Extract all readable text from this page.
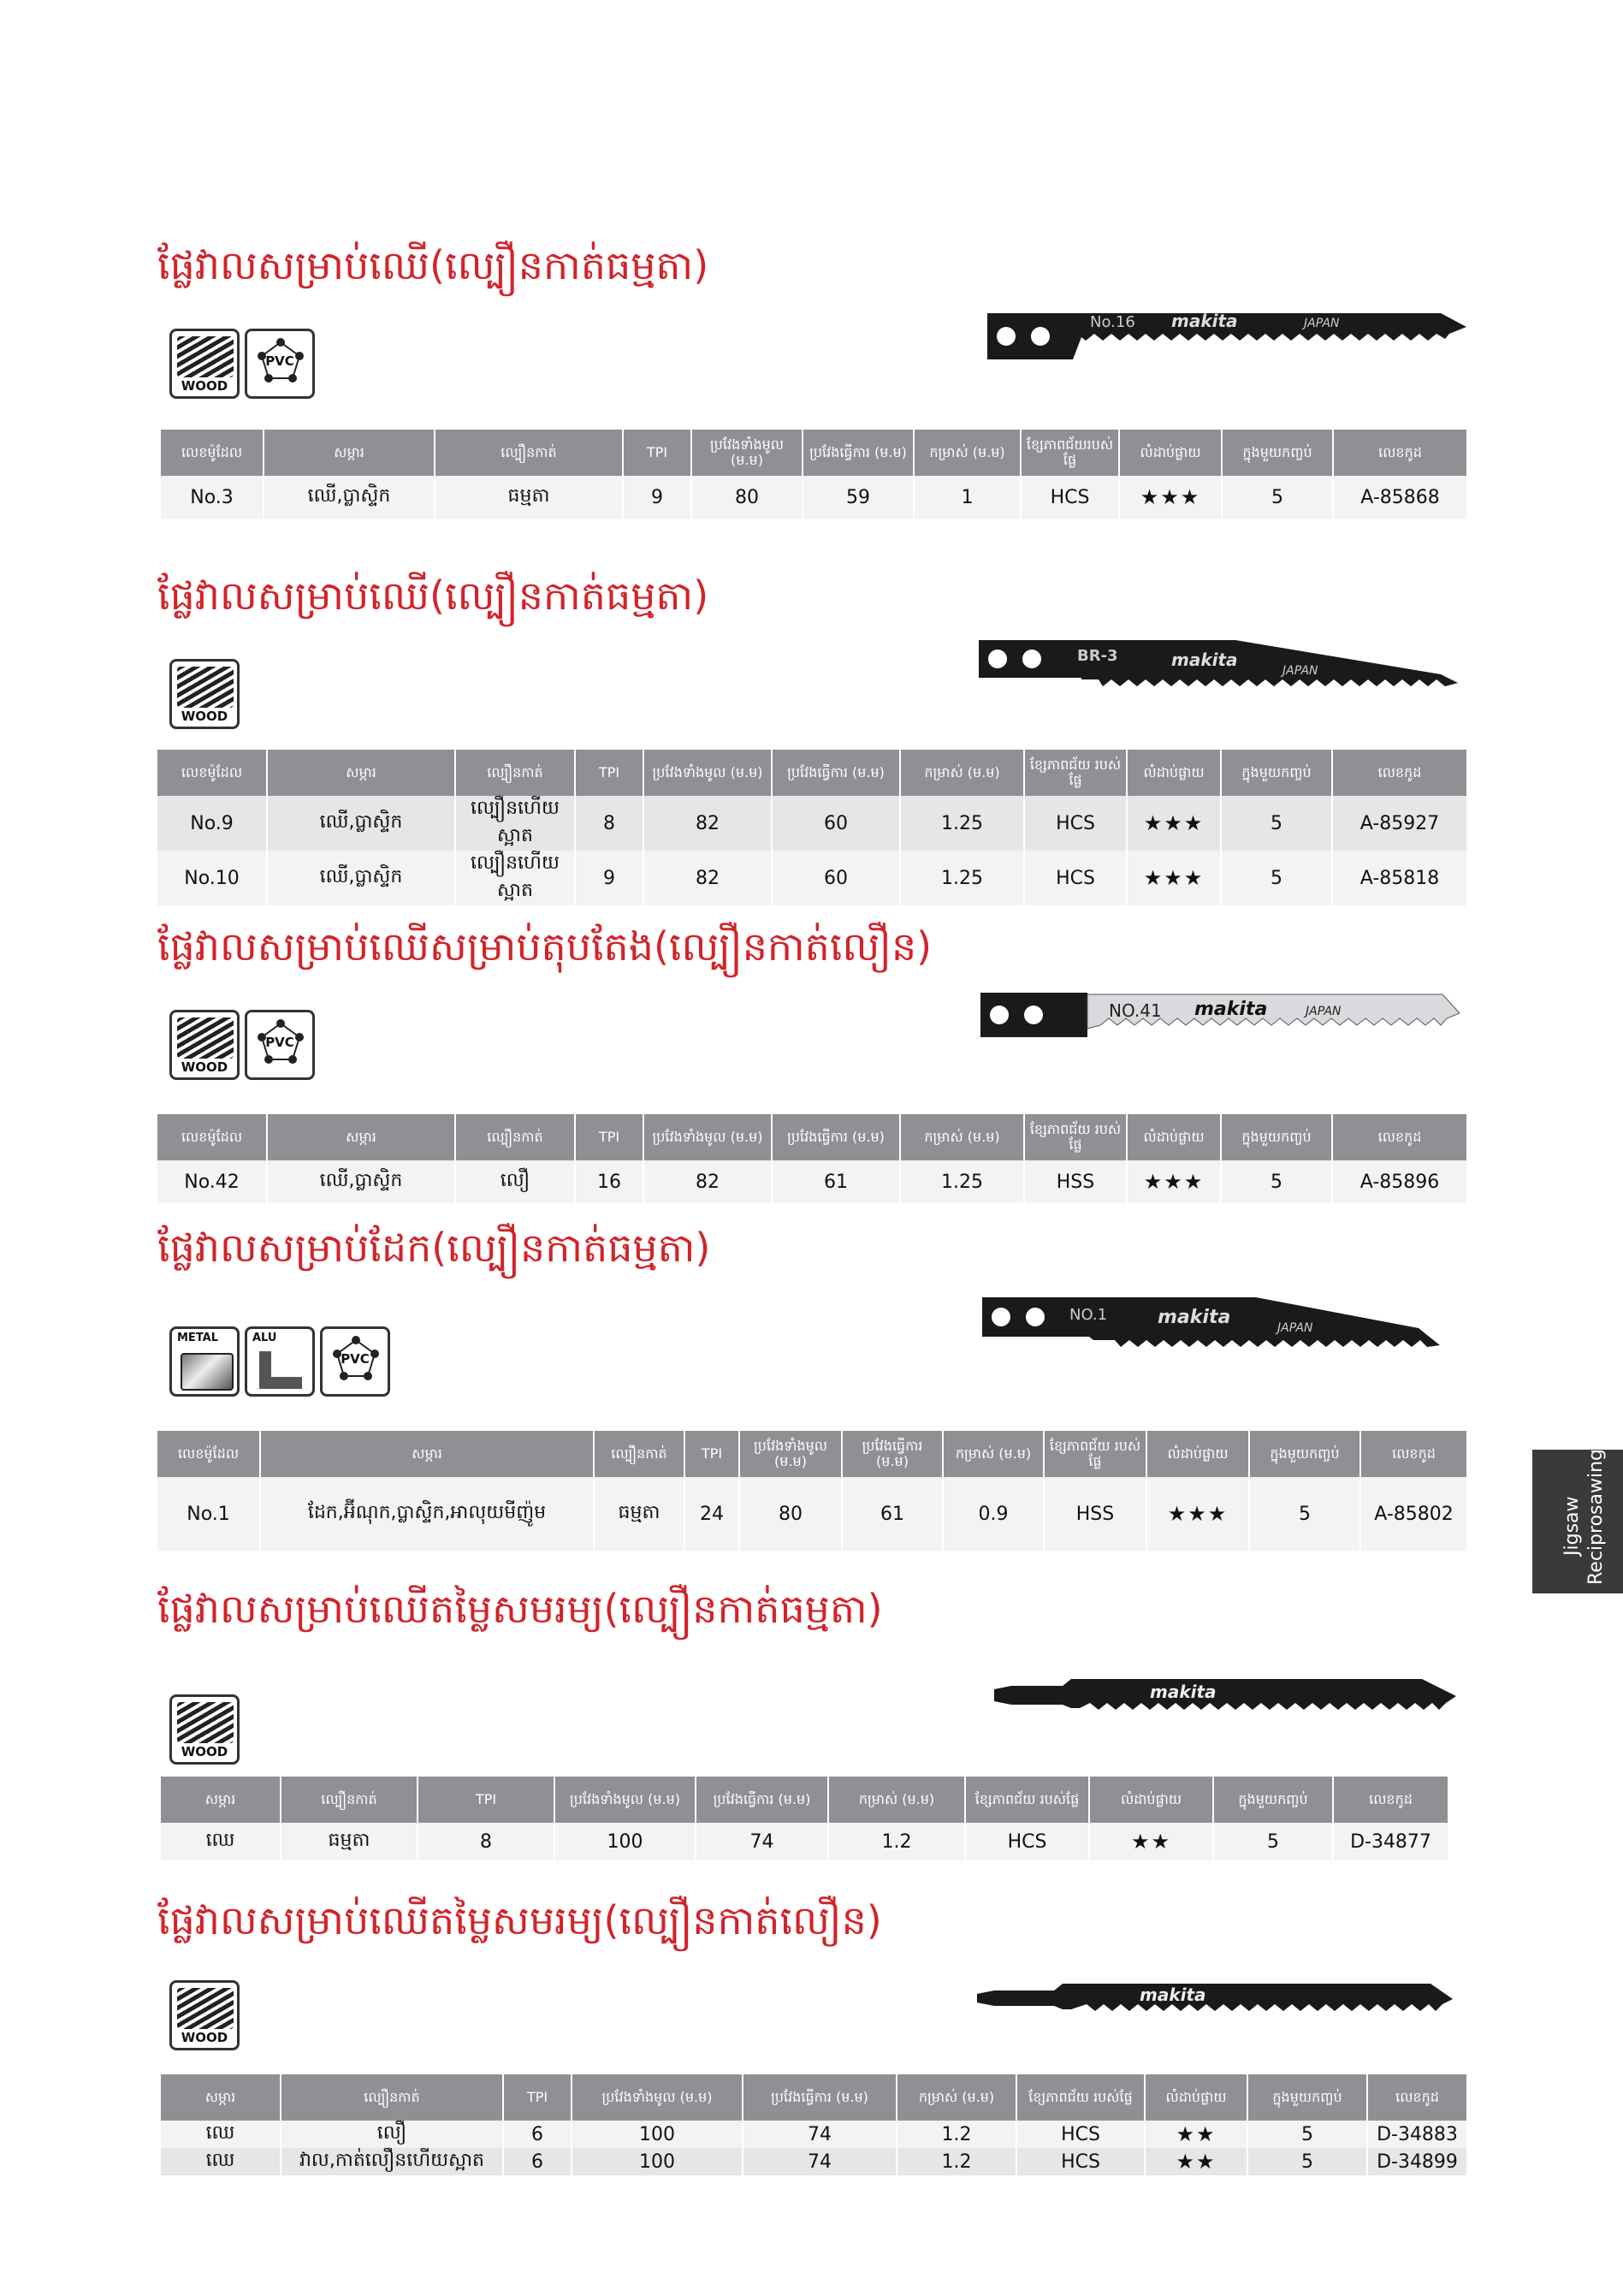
ផ្លែវាលសម្រាប់ឈើ(ល្បឿនកាត់ធម្មតា)
WOOD
PVC
No.16 makita	JAPAN
លេខម៉ូដែល	សម្ភារ	ល្បឿនកាត់	TPI	ប្រវែងទាំងមូល (ម.ម)	ប្រវែងធ្វើការ (ម.ម)	កម្រាស់ (ម.ម)	ខ្សែភាពជ័យរបស់ផ្លែ	លំដាប់ផ្លាយ	ក្នុងមួយកញ្ចប់	លេខកូដ
No.3	ឈើ,ប្លាស្ទិក	ធម្មតា	9	80	59	1	HCS	★★★	5	A-85868
ផ្លែវាលសម្រាប់ឈើ(ល្បឿនកាត់ធម្មតា)
WOOD
BR-3	makita
JAPAN
លេខម៉ូដែល	សម្ភារ	ល្បឿនកាត់	TPI	ប្រវែងទាំងមូល (ម.ម)	ប្រវែងធ្វើការ (ម.ម)	កម្រាស់ (ម.ម)	ខ្សែភាពជ័យ របស់ផ្លែ	លំដាប់ផ្លាយ	ក្នុងមួយកញ្ចប់	លេខកូដ
No.9	ឈើ,ប្លាស្ទិក	ល្បឿនហើយស្អាត	8	82	60	1.25	HCS	★★★	5	A-85927
No.10	ឈើ,ប្លាស្ទិក	ល្បឿនហើយស្អាត	9	82	60	1.25	HCS	★★★	5	A-85818
ផ្លែវាលសម្រាប់ឈើសម្រាប់តុបតែង(ល្បឿនកាត់លឿន)
WOOD
PVC
NO.41 makita	JAPAN
លេខម៉ូដែល	សម្ភារ	ល្បឿនកាត់	TPI	ប្រវែងទាំងមូល (ម.ម)	ប្រវែងធ្វើការ (ម.ម)	កម្រាស់ (ម.ម)	ខ្សែភាពជ័យ របស់ផ្លែ	លំដាប់ផ្លាយ	ក្នុងមួយកញ្ចប់	លេខកូដ
No.42	ឈើ,ប្លាស្ទិក	លឿ	16	82	61	1.25	HSS	★★★	5	A-85896
ផ្លែវាលសម្រាប់ដែក(ល្បឿនកាត់ធម្មតា)
METAL	ALU
PVC
NO.1	makita	JAPAN
លេខម៉ូដែល	សម្ភារ	ល្បឿនកាត់	TPI	ប្រវែងទាំងមូល (ម.ម)	ប្រវែងធ្វើការ (ម.ម)	កម្រាស់ (ម.ម)	ខ្សែភាពជ័យ របស់ផ្លែ	លំដាប់ផ្លាយ	ក្នុងមួយកញ្ចប់	លេខកូដ
No.1	ដែក,អ៊ីណុក,ប្លាស្ទិក,អាលុយមីញ៉ូម	ធម្មតា	24	80	61	0.9	HSS	★★★	5	A-85802
ផ្លែវាលសម្រាប់ឈើតម្លៃសមរម្យ(ល្បឿនកាត់ធម្មតា)
WOOD
makita
សម្ភារ	ល្បឿនកាត់	TPI	ប្រវែងទាំងមូល (ម.ម)	ប្រវែងធ្វើការ (ម.ម)	កម្រាស់ (ម.ម)	ខ្សែភាពជ័យ របស់ផ្លែ	លំដាប់ផ្លាយ	ក្នុងមួយកញ្ចប់	លេខកូដ
ឈេ	ធម្មតា	8	100	74	1.2	HCS	★★	5	D-34877
ផ្លែវាលសម្រាប់ឈើតម្លៃសមរម្យ(ល្បឿនកាត់លឿន)
WOOD
makita
សម្ភារ	ល្បឿនកាត់	TPI	ប្រវែងទាំងមូល (ម.ម)	ប្រវែងធ្វើការ (ម.ម)	កម្រាស់ (ម.ម)	ខ្សែភាពជ័យ របស់ផ្លែ	លំដាប់ផ្លាយ	ក្នុងមួយកញ្ចប់	លេខកូដ
ឈេ	លឿ	6	100	74	1.2	HCS	★★	5	D-34883
ឈេ	វាល,កាត់លឿនហើយស្អាត	6	100	74	1.2	HCS	★★	5	D-34899
Jigsaw Reciprosawing
